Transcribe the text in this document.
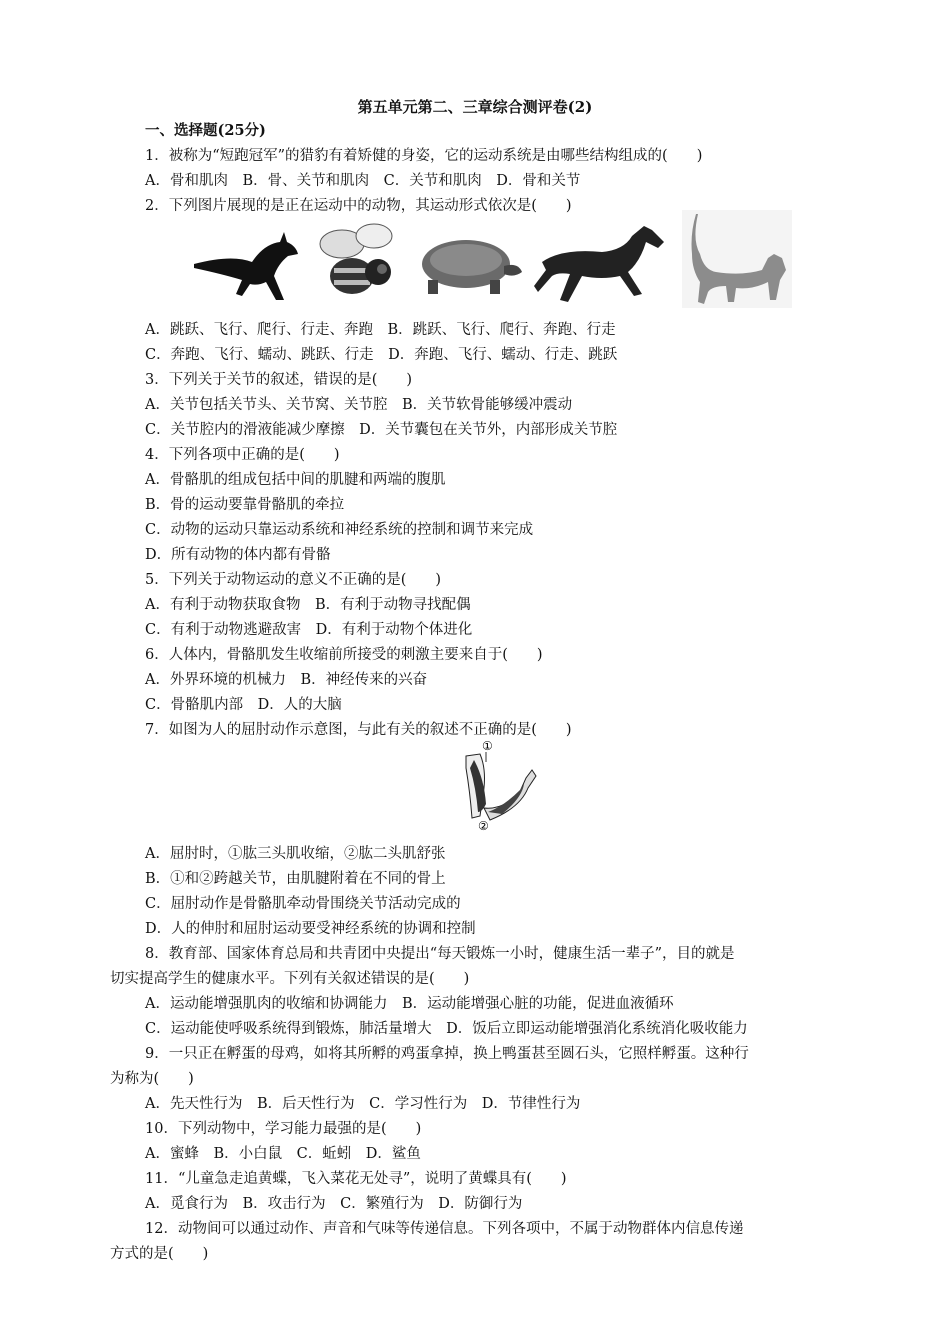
第五单元第二、三章综合测评卷(2)
一、选择题(25分)
1．被称为“短跑冠军”的猎豹有着矫健的身姿，它的运动系统是由哪些结构组成的(　　)
A．骨和肌肉　B．骨、关节和肌肉　C．关节和肌肉　D．骨和关节
2．下列图片展现的是正在运动中的动物，其运动形式依次是(　　)
A．跳跃、飞行、爬行、行走、奔跑　B．跳跃、飞行、爬行、奔跑、行走
C．奔跑、飞行、蠕动、跳跃、行走　D．奔跑、飞行、蠕动、行走、跳跃
3．下列关于关节的叙述，错误的是(　　)
A．关节包括关节头、关节窝、关节腔　B．关节软骨能够缓冲震动
C．关节腔内的滑液能减少摩擦　D．关节囊包在关节外，内部形成关节腔
4．下列各项中正确的是(　　)
A．骨骼肌的组成包括中间的肌腱和两端的腹肌
B．骨的运动要靠骨骼肌的牵拉
C．动物的运动只靠运动系统和神经系统的控制和调节来完成
D．所有动物的体内都有骨骼
5．下列关于动物运动的意义不正确的是(　　)
A．有利于动物获取食物　B．有利于动物寻找配偶
C．有利于动物逃避敌害　D．有利于动物个体进化
6．人体内，骨骼肌发生收缩前所接受的刺激主要来自于(　　)
A．外界环境的机械力　B．神经传来的兴奋
C．骨骼肌内部　D．人的大脑
7．如图为人的屈肘动作示意图，与此有关的叙述不正确的是(　　)
①
②
A．屈肘时，①肱三头肌收缩，②肱二头肌舒张
B．①和②跨越关节，由肌腱附着在不同的骨上
C．屈肘动作是骨骼肌牵动骨围绕关节活动完成的
D．人的伸肘和屈肘运动要受神经系统的协调和控制
8．教育部、国家体育总局和共青团中央提出“每天锻炼一小时，健康生活一辈子”，目的就是
切实提高学生的健康水平。下列有关叙述错误的是(　　)
A．运动能增强肌肉的收缩和协调能力　B．运动能增强心脏的功能，促进血液循环
C．运动能使呼吸系统得到锻炼，肺活量增大　D．饭后立即运动能增强消化系统消化吸收能力
9．一只正在孵蛋的母鸡，如将其所孵的鸡蛋拿掉，换上鸭蛋甚至圆石头，它照样孵蛋。这种行
为称为(　　)
A．先天性行为　B．后天性行为　C．学习性行为　D．节律性行为
10．下列动物中，学习能力最强的是(　　)
A．蜜蜂　B．小白鼠　C．蚯蚓　D．鲨鱼
11．“儿童急走追黄蝶，飞入菜花无处寻”，说明了黄蝶具有(　　)
A．觅食行为　B．攻击行为　C．繁殖行为　D．防御行为
12．动物间可以通过动作、声音和气味等传递信息。下列各项中，不属于动物群体内信息传递
方式的是(　　)
